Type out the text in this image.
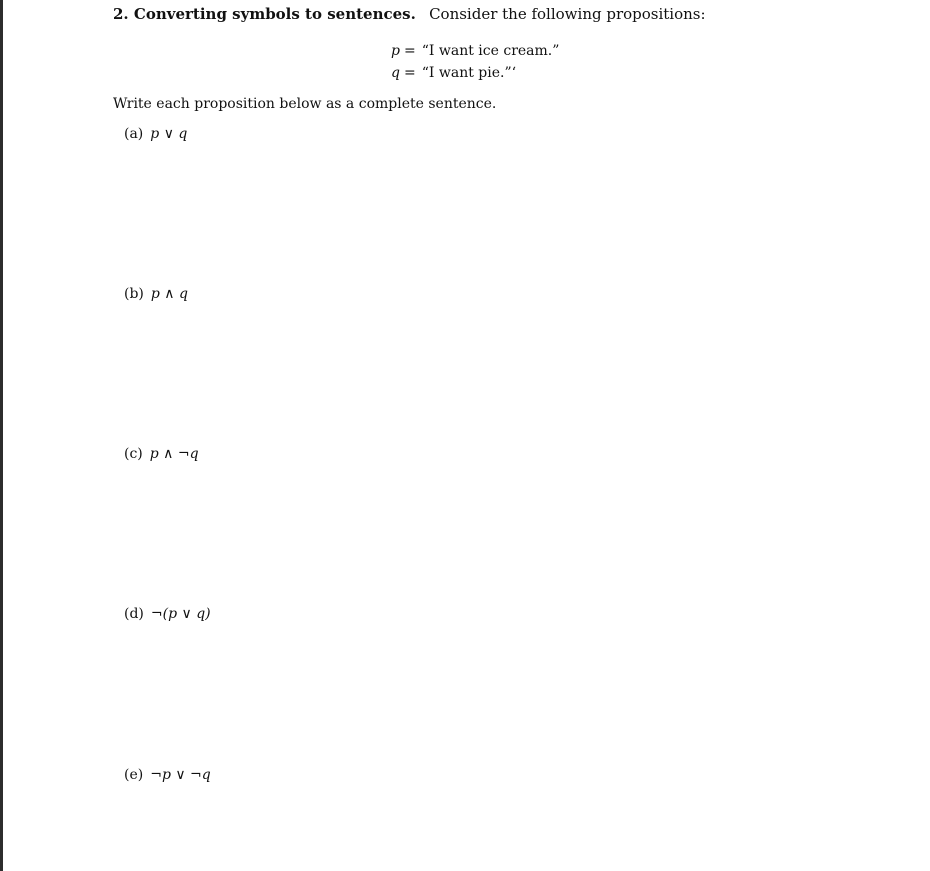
2. Converting symbols to sentences. Consider the following propositions:
p = “I want ice cream.”
q = “I want pie.”‘
Write each proposition below as a complete sentence.
(a) p ∨ q
(b) p ∧ q
(c) p ∧ ¬q
(d) ¬(p ∨ q)
(e) ¬p ∨ ¬q
